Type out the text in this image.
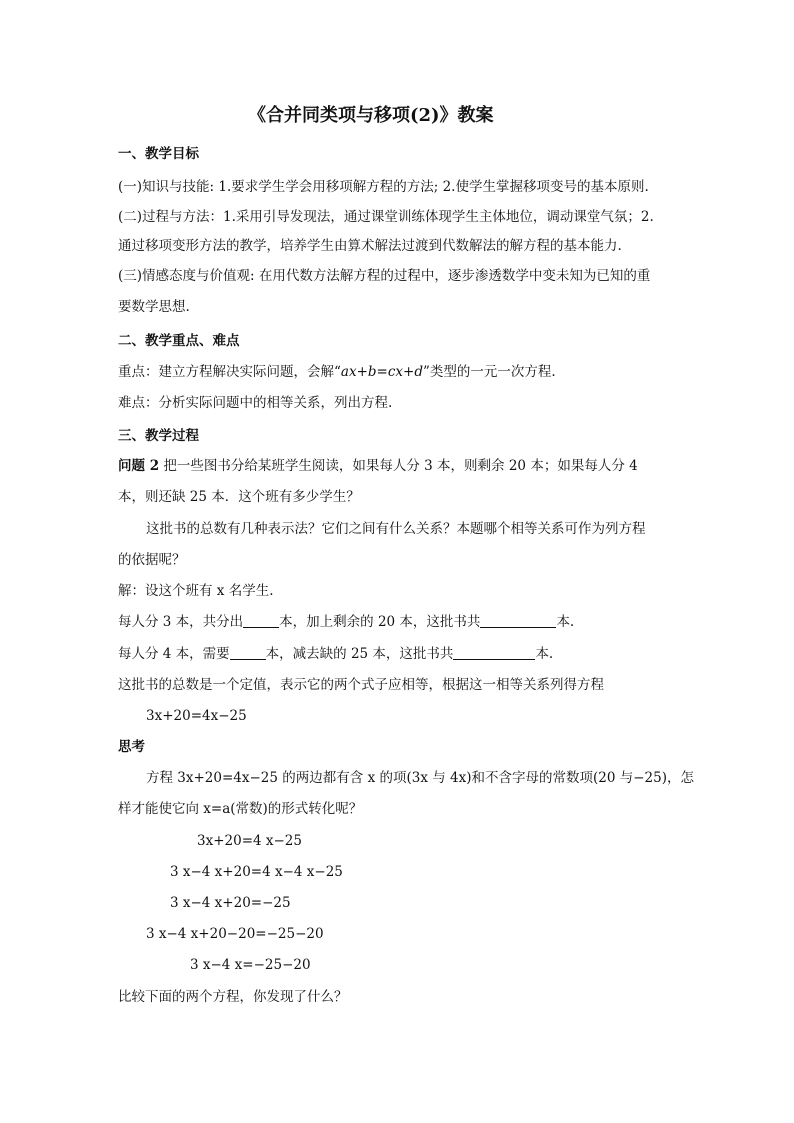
《合并同类项与移项(2)》教案
一、教学目标
(一)知识与技能: 1.要求学生学会用移项解方程的方法; 2.使学生掌握移项变号的基本原则.
(二)过程与方法：1.采用引导发现法，通过课堂训练体现学生主体地位，调动课堂气氛；2.
通过移项变形方法的教学，培养学生由算术解法过渡到代数解法的解方程的基本能力.
(三)情感态度与价值观: 在用代数方法解方程的过程中，逐步渗透数学中变未知为已知的重
要数学思想.
二、教学重点、难点
重点：建立方程解决实际问题，会解“ax+b=cx+d”类型的一元一次方程.
难点：分析实际问题中的相等关系，列出方程.
三、教学过程
问题 2 把一些图书分给某班学生阅读，如果每人分 3 本，则剩余 20 本；如果每人分 4
本，则还缺 25 本．这个班有多少学生？
这批书的总数有几种表示法？它们之间有什么关系？本题哪个相等关系可作为列方程
的依据呢？
解：设这个班有 x 名学生.
每人分 3 本，共分出	本，加上剩余的 20 本，这批书共	本.
每人分 4 本，需要	本，减去缺的 25 本，这批书共	本.
这批书的总数是一个定值，表示它的两个式子应相等，根据这一相等关系列得方程
3x+20=4x−25
思考
方程 3x+20=4x−25 的两边都有含 x 的项(3x 与 4x)和不含字母的常数项(20 与−25)，怎
样才能使它向 x=a(常数)的形式转化呢？
3x+20=4 x−25
3 x−4 x+20=4 x−4 x−25
3 x−4 x+20=−25
3 x−4 x+20−20=−25−20
3 x−4 x=−25−20
比较下面的两个方程，你发现了什么？
